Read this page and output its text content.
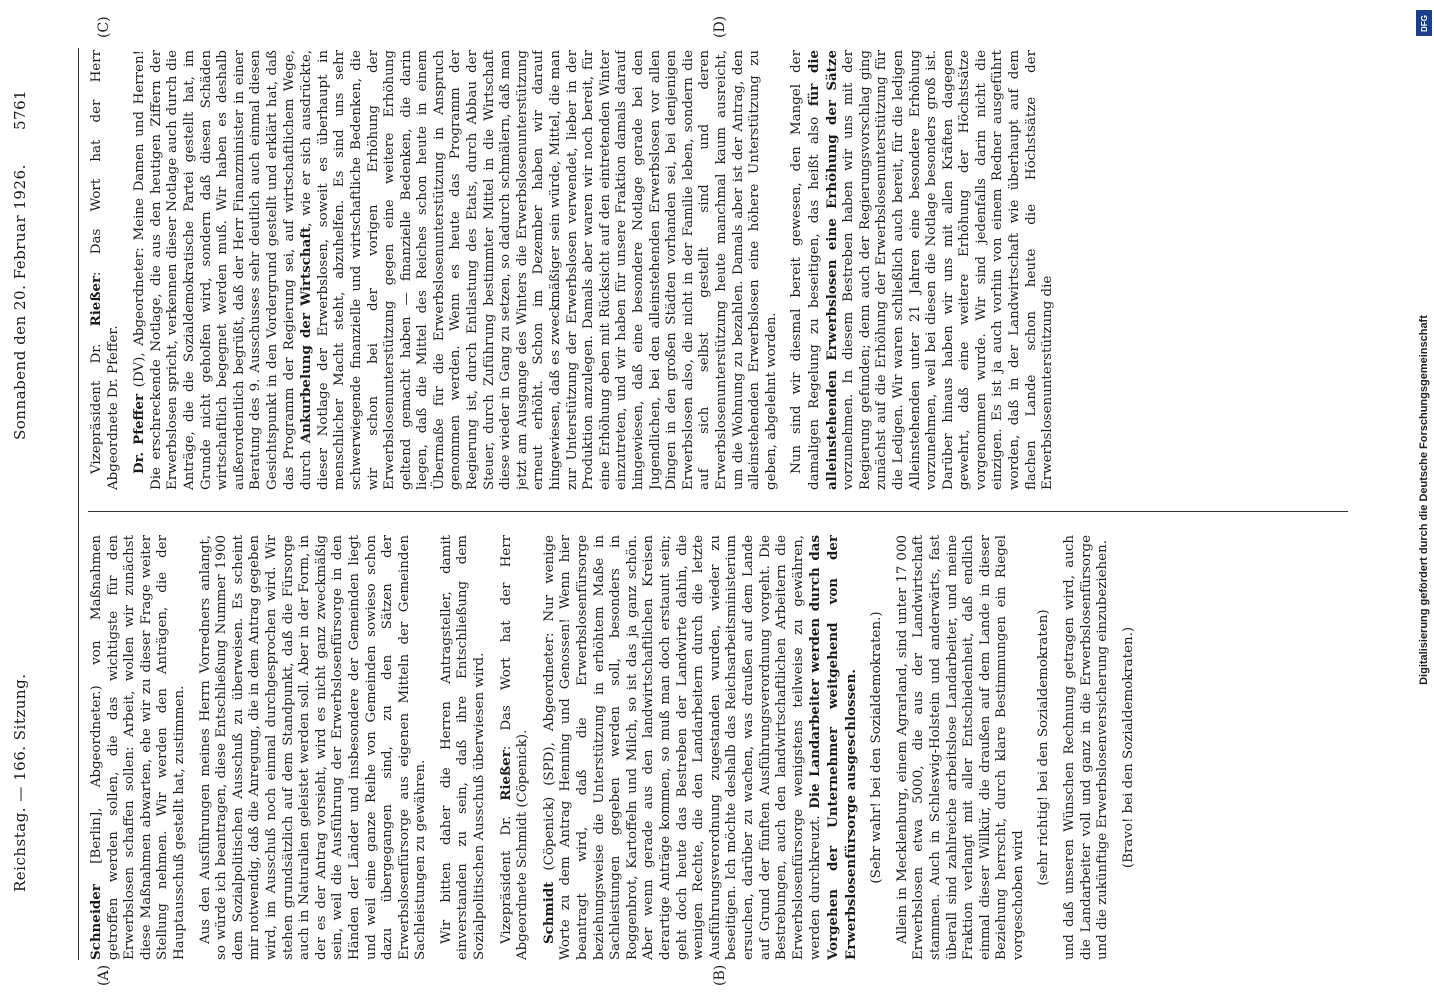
Reichstag. — 166. Sitzung.
Sonnabend den 20. Februar 1926.
5761
(A)	(B)
(C)	(D)

Schneider [Berlin], Abgeordneter.) von Maßnahmen getroffen werden sollen, die das wichtigste für den Erwerbslosen schaffen sollen: Arbeit, wollen wir zunächst diese Maßnahmen abwarten, ehe wir zu dieser Frage weiter Stellung nehmen. Wir werden den Anträgen, die der Hauptausschuß gestellt hat, zustimmen. Aus den Ausführungen meines Herrn Vorredners anlangt, so würde ich beantragen, diese Entschließung Nummer 1900 dem Sozialpolitischen Ausschuß zu überweisen. Es scheint mir notwendig, daß die Anregung, die in dem Antrag gegeben wird, im Ausschuß noch einmal durchgesprochen wird. Wir stehen grundsätzlich auf dem Standpunkt, daß die Fürsorge auch in Naturalien geleistet werden soll. Aber in der Form, in der es der Antrag vorsieht, wird es nicht ganz zweckmäßig sein, weil die Ausführung der Erwerbslosenfürsorge in den Händen der Länder und insbesondere der Gemeinden liegt und weil eine ganze Reihe von Gemeinden sowieso schon dazu übergegangen sind, zu den Sätzen der Erwerbslosenfürsorge aus eigenen Mitteln der Gemeinden Sachleistungen zu gewähren. Wir bitten daher die Herren Antragsteller, damit einverstanden zu sein, daß ihre Entschließung dem Sozialpolitischen Ausschuß überwiesen wird. Vizepräsident Dr. Rießer: Das Wort hat der Herr Abgeordnete Schmidt (Cöpenick). Schmidt (Cöpenick) (SPD), Abgeordneter: Nur wenige Worte zu dem Antrag Henning und Genossen! Wenn hier beantragt wird, daß die Erwerbslosenfürsorge beziehungsweise die Unterstützung in erhöhtem Maße in Sachleistungen gegeben werden soll, besonders in Roggenbrot, Kartoffeln und Milch, so ist das ja ganz schön. Aber wenn gerade aus den landwirtschaftlichen Kreisen derartige Anträge kommen, so muß man doch erstaunt sein; geht doch heute das Bestreben der Landwirte dahin, die wenigen Rechte, die den Landarbeitern durch die letzte Ausführungsverordnung zugestanden wurden, wieder zu beseitigen. Ich möchte deshalb das Reichsarbeitsministerium ersuchen, darüber zu wachen, was draußen auf dem Lande auf Grund der fünften Ausführungsverordnung vorgeht. Die Bestrebungen, auch den landwirtschaftlichen Arbeitern die Erwerbslosenfürsorge wenigstens teilweise zu gewähren, werden durchkreuzt. Die Landarbeiter werden durch das Vorgehen der Unternehmer weitgehend von der Erwerbslosenfürsorge ausgeschlossen. (Sehr wahr! bei den Sozialdemokraten.) Allein in Mecklenburg, einem Agrarland, sind unter 17 000 Erwerbslosen etwa 5000, die aus der Landwirtschaft stammen. Auch in Schleswig-Holstein und anderwärts, fast überall sind zahlreiche arbeitslose Landarbeiter, und meine Fraktion verlangt mit aller Entschiedenheit, daß endlich einmal dieser Willkür, die draußen auf dem Lande in dieser Beziehung herrscht, durch klare Bestimmungen ein Riegel vorgeschoben wird

(sehr richtig! bei den Sozialdemokraten) und daß unseren Wünschen Rechnung getragen wird, auch die Landarbeiter voll und ganz in die Erwerbslosenfürsorge und die zukünftige Erwerbslosenversicherung einzubeziehen. (Bravo! bei den Sozialdemokraten.)

Vizepräsident Dr. Rießer: Das Wort hat der Herr Abgeordnete Dr. Pfeffer. Dr. Pfeffer (DV), Abgeordneter: Meine Damen und Herren! Die erschreckende Notlage, die aus den heutigen Ziffern der Erwerbslosen spricht, verkennen dieser Notlage auch durch die Anträge, die die Sozialdemokratische Partei gestellt hat, im Grunde nicht geholfen wird, sondern daß diesen Schäden wirtschaftlich begegnet werden muß. Wir haben es deshalb außerordentlich begrüßt, daß der Herr Finanzminister in einer Beratung des 9. Ausschusses sehr deutlich auch einmal diesen Gesichtspunkt in den Vordergrund gestellt und erklärt hat, daß das Programm der Regierung sei, auf wirtschaftlichem Wege, durch Ankurbelung der Wirtschaft, wie er sich ausdrückte, dieser Notlage der Erwerbslosen, soweit es überhaupt in menschlicher Macht steht, abzuhelfen. Es sind uns sehr schwerwiegende finanzielle und wirtschaftliche Bedenken, die wir schon bei der vorigen Erhöhung der Erwerbslosenunterstützung gegen eine weitere Erhöhung geltend gemacht haben — finanzielle Bedenken, die darin liegen, daß die Mittel des Reiches schon heute in einem Übermaße für die Erwerbslosenunterstützung in Anspruch genommen werden. Wenn es heute das Programm der Regierung ist, durch Entlastung des Etats, durch Abbau der Steuer, durch Zuführung bestimmter Mittel in die Wirtschaft diese wieder in Gang zu setzen, so dadurch schmälern, daß man jetzt am Ausgange des Winters die Erwerbslosenunterstützung erneut erhöht. Schon im Dezember haben wir darauf hingewiesen, daß es zweckmäßiger sein würde, Mittel, die man zur Unterstützung der Erwerbslosen verwendet, lieber in der Produktion anzulegen. Damals aber waren wir noch bereit, für eine Erhöhung eben mit Rücksicht auf den eintretenden Winter einzutreten, und wir haben für unsere Fraktion damals darauf hingewiesen, daß eine besondere Notlage gerade bei den Jugendlichen, bei den alleinstehenden Erwerbslosen vor allen Dingen in den großen Städten vorhanden sei, bei denjenigen Erwerbslosen also, die nicht in der Familie leben, sondern die auf sich selbst gestellt sind und deren Erwerbslosenunterstützung heute manchmal kaum ausreicht, um die Wohnung zu bezahlen. Damals aber ist der Antrag, den alleinstehenden Erwerbslosen eine höhere Unterstützung zu geben, abgelehnt worden. Nun sind wir diesmal bereit gewesen, den Mangel der damaligen Regelung zu beseitigen, das heißt also für die alleinstehenden Erwerbslosen eine Erhöhung der Sätze vorzunehmen. In diesem Bestreben haben wir uns mit der Regierung gefunden; denn auch der Regierungsvorschlag ging zunächst auf die Erhöhung der Erwerbslosenunterstützung für die Ledigen. Wir waren schließlich auch bereit, für die ledigen Alleinstehenden unter 21 Jahren eine besondere Erhöhung vorzunehmen, weil bei diesen die Notlage besonders groß ist. Darüber hinaus haben wir uns mit allen Kräften dagegen gewehrt, daß eine weitere Erhöhung der Höchstsätze vorgenommen wurde. Wir sind jedenfalls darin nicht die einzigen. Es ist ja auch vorhin von einem Redner ausgeführt worden, daß in der Landwirtschaft wie überhaupt auf dem flachen Lande schon heute die Höchstsätze der Erwerbslosenunterstützung die	Digitalisierung gefördert durch die Deutsche Forschungsgemeinschaft
DFG
